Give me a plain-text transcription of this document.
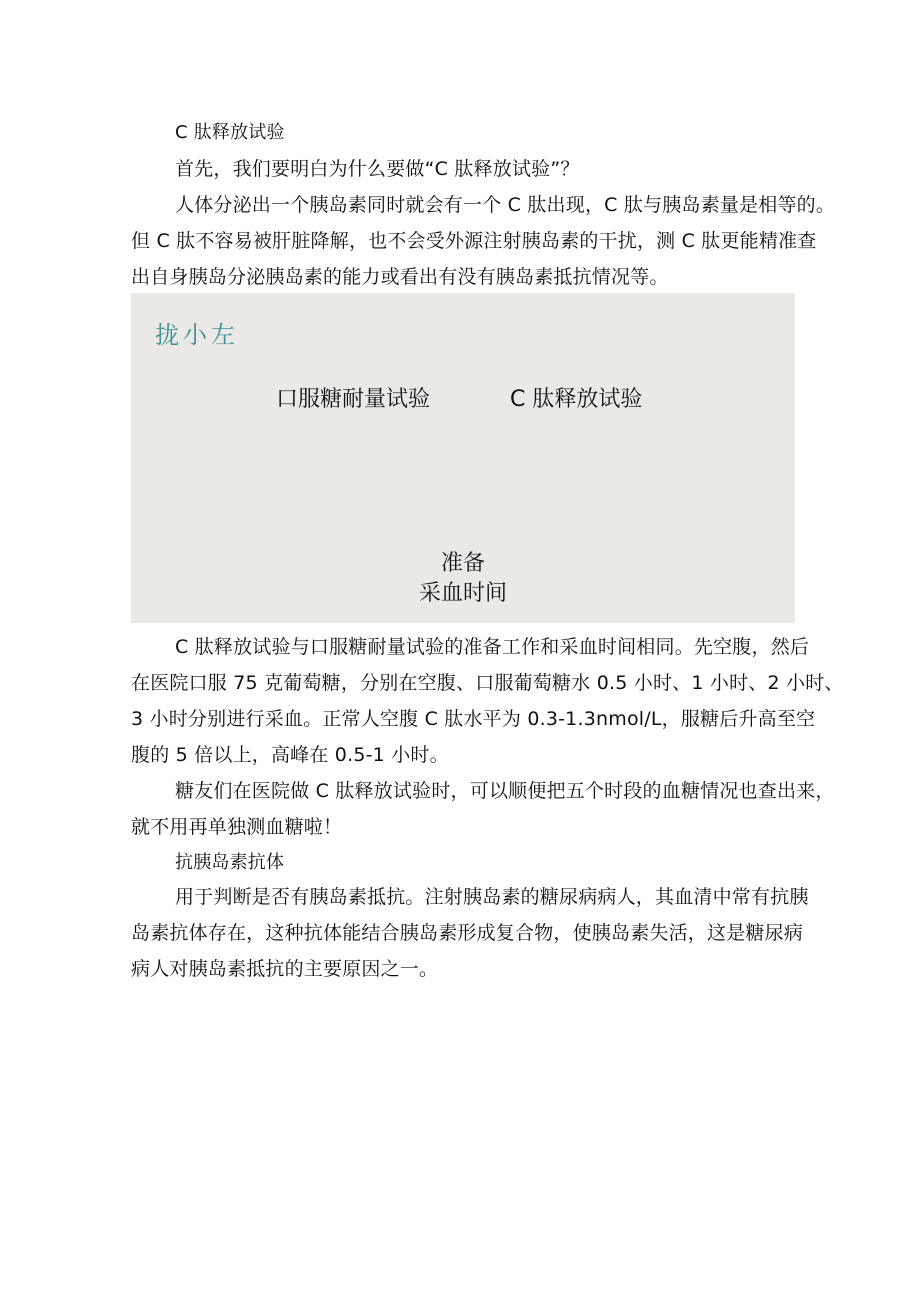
C 肽释放试验
首先，我们要明白为什么要做“C 肽释放试验”？
人体分泌出一个胰岛素同时就会有一个 C 肽出现，C 肽与胰岛素量是相等的。
但 C 肽不容易被肝脏降解，也不会受外源注射胰岛素的干扰，测 C 肽更能精准查
出自身胰岛分泌胰岛素的能力或看出有没有胰岛素抵抗情况等。
拢小左
口服糖耐量试验	C 肽释放试验
准备
采血时间
C 肽释放试验与口服糖耐量试验的准备工作和采血时间相同。先空腹，然后
在医院口服 75 克葡萄糖，分别在空腹、口服葡萄糖水 0.5 小时、1 小时、2 小时、
3 小时分别进行采血。正常人空腹 C 肽水平为 0.3-1.3nmol/L，服糖后升高至空
腹的 5 倍以上，高峰在 0.5-1 小时。
糖友们在医院做 C 肽释放试验时，可以顺便把五个时段的血糖情况也查出来，
就不用再单独测血糖啦！
抗胰岛素抗体
用于判断是否有胰岛素抵抗。注射胰岛素的糖尿病病人，其血清中常有抗胰
岛素抗体存在，这种抗体能结合胰岛素形成复合物，使胰岛素失活，这是糖尿病
病人对胰岛素抵抗的主要原因之一。
